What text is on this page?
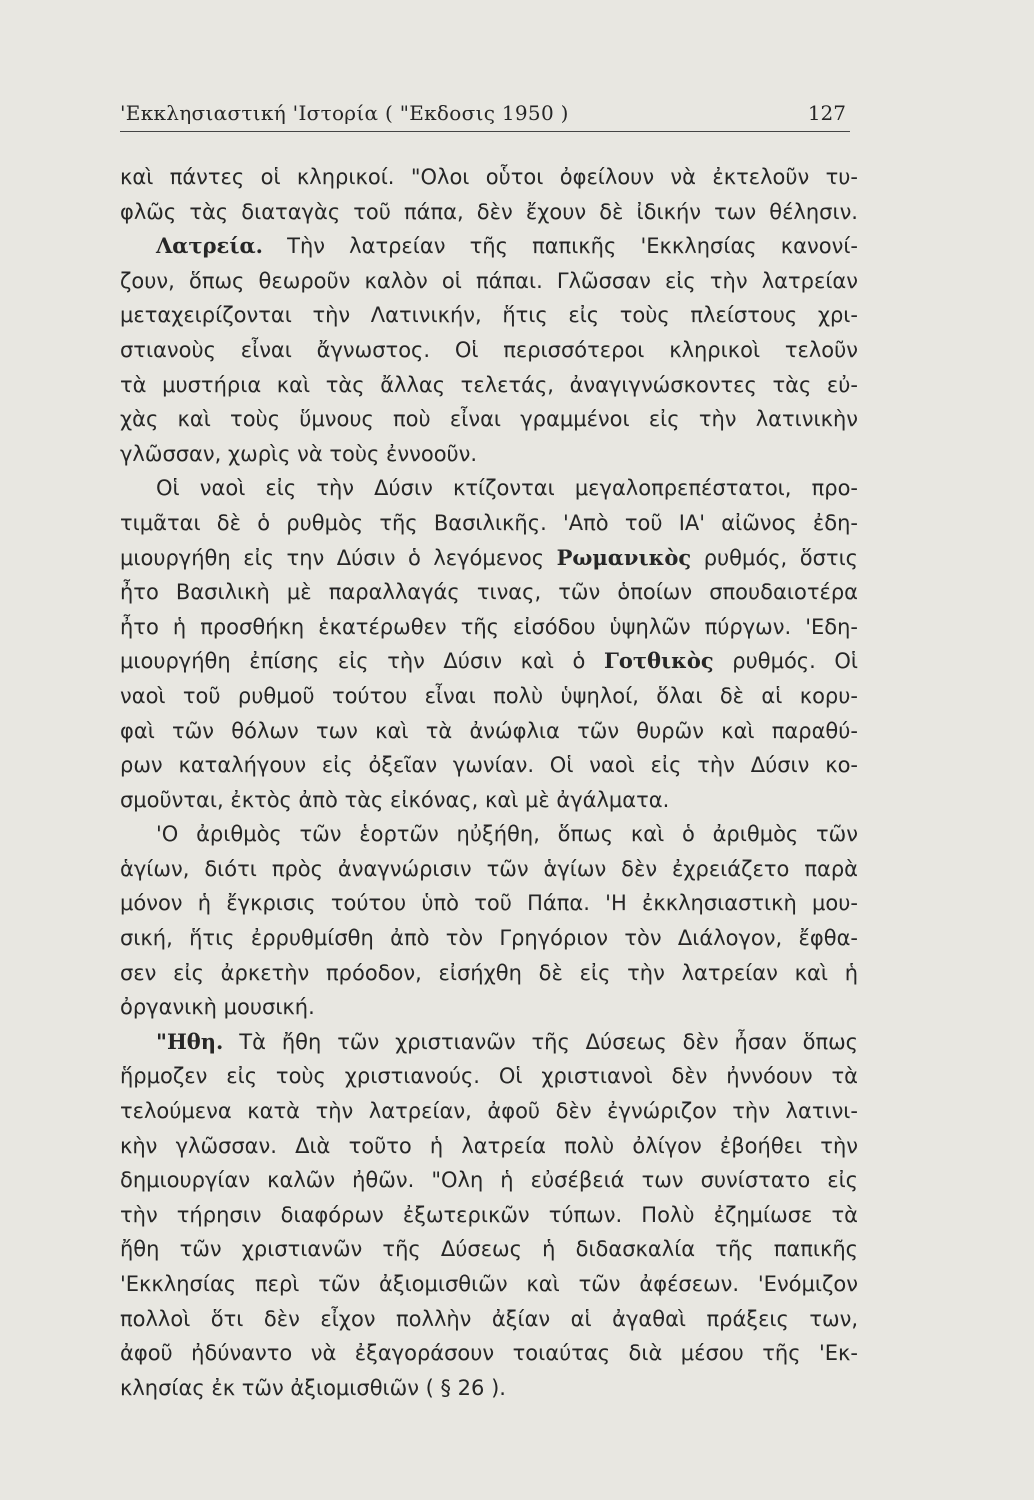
'Εκκλησιαστική 'Ιστορία ( "Εκδοσις 1950 )	127
καὶ πάντες οἱ κληρικοί. "Ολοι οὗτοι ὀφείλουν νὰ ἐκτελοῦν τυ-
φλῶς τὰς διαταγὰς τοῦ πάπα, δὲν ἔχουν δὲ ἰδικήν των θέλησιν.
Λατρεία. Τὴν λατρείαν τῆς παπικῆς 'Εκκλησίας κανονί-
ζουν, ὅπως θεωροῦν καλὸν οἱ πάπαι. Γλῶσσαν εἰς τὴν λατρείαν
μεταχειρίζονται τὴν Λατινικήν, ἥτις εἰς τοὺς πλείστους χρι-
στιανοὺς εἶναι ἄγνωστος. Οἱ περισσότεροι κληρικοὶ τελοῦν
τὰ μυστήρια καὶ τὰς ἄλλας τελετάς, ἀναγιγνώσκοντες τὰς εὐ-
χὰς καὶ τοὺς ὕμνους ποὺ εἶναι γραμμένοι εἰς τὴν λατινικὴν
γλῶσσαν, χωρὶς νὰ τοὺς ἐννοοῦν.
Οἱ ναοὶ εἰς τὴν Δύσιν κτίζονται μεγαλοπρεπέστατοι, προ-
τιμᾶται δὲ ὁ ρυθμὸς τῆς Βασιλικῆς. 'Απὸ τοῦ ΙΑ' αἰῶνος ἐδη-
μιουργήθη εἰς την Δύσιν ὁ λεγόμενος Ρωμανικὸς ρυθμός, ὅστις
ἦτο Βασιλικὴ μὲ παραλλαγάς τινας, τῶν ὁποίων σπουδαιοτέρα
ἦτο ἡ προσθήκη ἑκατέρωθεν τῆς εἰσόδου ὑψηλῶν πύργων. 'Εδη-
μιουργήθη ἐπίσης εἰς τὴν Δύσιν καὶ ὁ Γοτθικὸς ρυθμός. Οἱ
ναοὶ τοῦ ρυθμοῦ τούτου εἶναι πολὺ ὑψηλοί, ὅλαι δὲ αἱ κορυ-
φαὶ τῶν θόλων των καὶ τὰ ἀνώφλια τῶν θυρῶν καὶ παραθύ-
ρων καταλήγουν εἰς ὀξεῖαν γωνίαν. Οἱ ναοὶ εἰς τὴν Δύσιν κο-
σμοῦνται, ἐκτὸς ἀπὸ τὰς εἰκόνας, καὶ μὲ ἀγάλματα.
'Ο ἀριθμὸς τῶν ἑορτῶν ηὐξήθη, ὅπως καὶ ὁ ἀριθμὸς τῶν
ἁγίων, διότι πρὸς ἀναγνώρισιν τῶν ἁγίων δὲν ἐχρειάζετο παρὰ
μόνον ἡ ἔγκρισις τούτου ὑπὸ τοῦ Πάπα. 'Η ἐκκλησιαστικὴ μου-
σική, ἥτις ἐρρυθμίσθη ἀπὸ τὸν Γρηγόριον τὸν Διάλογον, ἔφθα-
σεν εἰς ἀρκετὴν πρόοδον, εἰσήχθη δὲ εἰς τὴν λατρείαν καὶ ἡ
ὀργανικὴ μουσική.
"Ηθη. Τὰ ἤθη τῶν χριστιανῶν τῆς Δύσεως δὲν ἦσαν ὅπως
ἥρμοζεν εἰς τοὺς χριστιανούς. Οἱ χριστιανοὶ δὲν ἠννόουν τὰ
τελούμενα κατὰ τὴν λατρείαν, ἀφοῦ δὲν ἐγνώριζον τὴν λατινι-
κὴν γλῶσσαν. Διὰ τοῦτο ἡ λατρεία πολὺ ὀλίγον ἐβοήθει τὴν
δημιουργίαν καλῶν ἠθῶν. "Ολη ἡ εὐσέβειά των συνίστατο εἰς
τὴν τήρησιν διαφόρων ἐξωτερικῶν τύπων. Πολὺ ἐζημίωσε τὰ
ἤθη τῶν χριστιανῶν τῆς Δύσεως ἡ διδασκαλία τῆς παπικῆς
'Εκκλησίας περὶ τῶν ἀξιομισθιῶν καὶ τῶν ἀφέσεων. 'Ενόμιζον
πολλοὶ ὅτι δὲν εἶχον πολλὴν ἀξίαν αἱ ἀγαθαὶ πράξεις των,
ἀφοῦ ἠδύναντο νὰ ἐξαγοράσουν τοιαύτας διὰ μέσου τῆς 'Εκ-
κλησίας ἐκ τῶν ἀξιομισθιῶν ( § 26 ).
